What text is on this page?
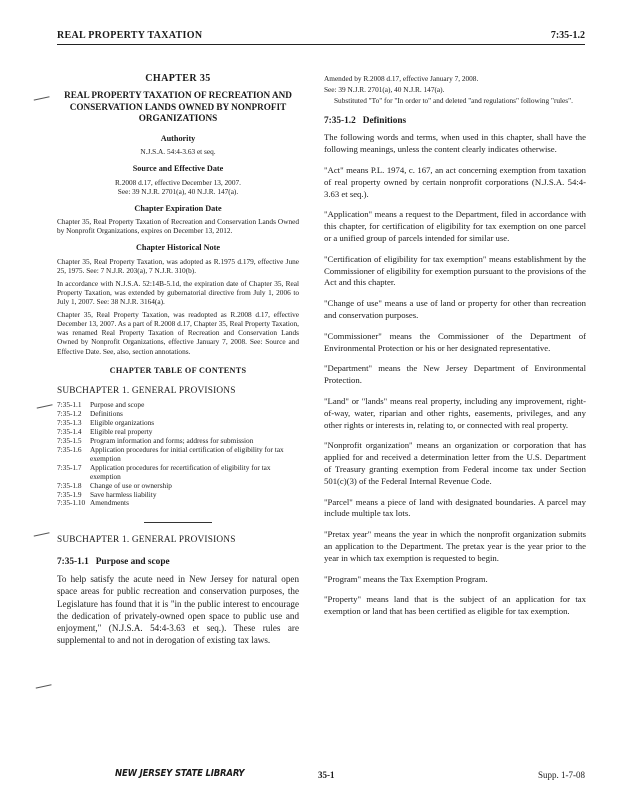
REAL PROPERTY TAXATION	7:35-1.2
CHAPTER 35
REAL PROPERTY TAXATION OF RECREATION AND CONSERVATION LANDS OWNED BY NONPROFIT ORGANIZATIONS
Authority
N.J.S.A. 54:4-3.63 et seq.
Source and Effective Date
R.2008 d.17, effective December 13, 2007.
See: 39 N.J.R. 2701(a), 40 N.J.R. 147(a).
Chapter Expiration Date
Chapter 35, Real Property Taxation of Recreation and Conservation Lands Owned by Nonprofit Organizations, expires on December 13, 2012.
Chapter Historical Note
Chapter 35, Real Property Taxation, was adopted as R.1975 d.179, effective June 25, 1975. See: 7 N.J.R. 203(a), 7 N.J.R. 310(b).
In accordance with N.J.S.A. 52:14B-5.1d, the expiration date of Chapter 35, Real Property Taxation, was extended by gubernatorial directive from July 1, 2006 to July 1, 2007. See: 38 N.J.R. 3164(a).
Chapter 35, Real Property Taxation, was readopted as R.2008 d.17, effective December 13, 2007. As a part of R.2008 d.17, Chapter 35, Real Property Taxation, was renamed Real Property Taxation of Recreation and Conservation Lands Owned by Nonprofit Organizations, effective January 7, 2008. See: Source and Effective Date. See, also, section annotations.
CHAPTER TABLE OF CONTENTS
SUBCHAPTER 1. GENERAL PROVISIONS
7:35-1.1	Purpose and scope
7:35-1.2	Definitions
7:35-1.3	Eligible organizations
7:35-1.4	Eligible real property
7:35-1.5	Program information and forms; address for submission
7:35-1.6	Application procedures for initial certification of eligibility for tax exemption
7:35-1.7	Application procedures for recertification of eligibility for tax exemption
7:35-1.8	Change of use or ownership
7:35-1.9	Save harmless liability
7:35-1.10 Amendments
SUBCHAPTER 1. GENERAL PROVISIONS
7:35-1.1 Purpose and scope
To help satisfy the acute need in New Jersey for natural open space areas for public recreation and conservation purposes, the Legislature has found that it is "in the public interest to encourage the dedication of privately-owned open space to public use and enjoyment," (N.J.S.A. 54:4-3.63 et seq.). These rules are supplemental to and not in derogation of existing tax laws.
Amended by R.2008 d.17, effective January 7, 2008.
See: 39 N.J.R. 2701(a), 40 N.J.R. 147(a).
Substituted "To" for "In order to" and deleted "and regulations" following "rules".
7:35-1.2 Definitions
The following words and terms, when used in this chapter, shall have the following meanings, unless the content clearly indicates otherwise.
"Act" means P.L. 1974, c. 167, an act concerning exemption from taxation of real property owned by certain nonprofit corporations (N.J.S.A. 54:4-3.63 et seq.).
"Application" means a request to the Department, filed in accordance with this chapter, for certification of eligibility for tax exemption on one parcel or a unified group of parcels intended for similar use.
"Certification of eligibility for tax exemption" means establishment by the Commissioner of eligibility for exemption pursuant to the provisions of the Act and this chapter.
"Change of use" means a use of land or property for other than recreation and conservation purposes.
"Commissioner" means the Commissioner of the Department of Environmental Protection or his or her designated representative.
"Department" means the New Jersey Department of Environmental Protection.
"Land" or "lands" means real property, including any improvement, right-of-way, water, riparian and other rights, easements, privileges, and any other rights or interests in, relating to, or connected with real property.
"Nonprofit organization" means an organization or corporation that has applied for and received a determination letter from the U.S. Department of Treasury granting exemption from Federal income tax under Section 501(c)(3) of the Federal Internal Revenue Code.
"Parcel" means a piece of land with designated boundaries. A parcel may include multiple tax lots.
"Pretax year" means the year in which the nonprofit organization submits an application to the Department. The pretax year is the year prior to the year in which tax exemption is requested to begin.
"Program" means the Tax Exemption Program.
"Property" means land that is the subject of an application for tax exemption or land that has been certified as eligible for tax exemption.
NEW JERSEY STATE LIBRARY	35-1	Supp. 1-7-08
